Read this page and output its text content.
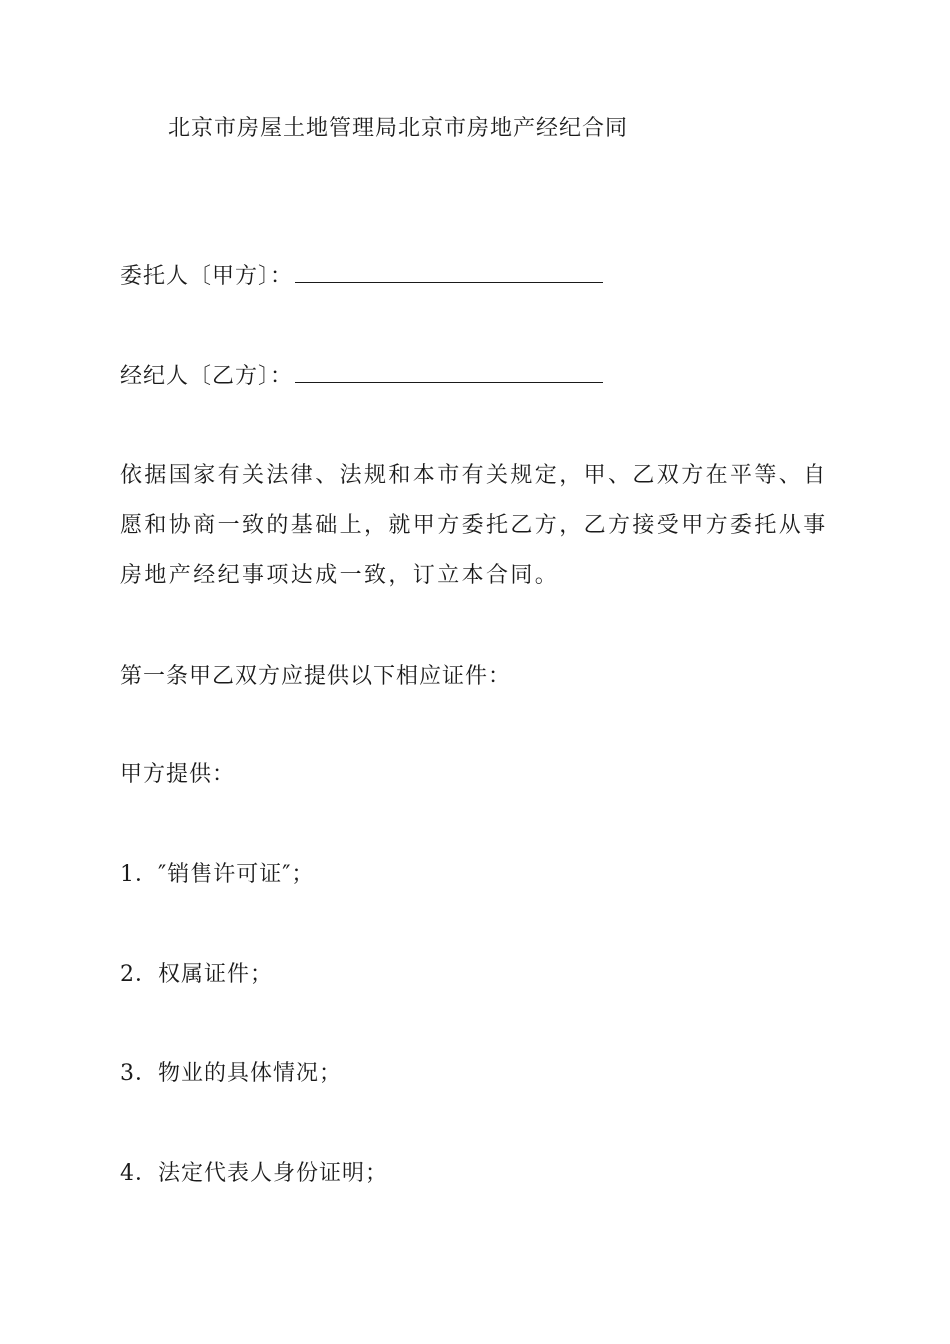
北京市房屋土地管理局北京市房地产经纪合同
委托人〔甲方〕：
经纪人〔乙方〕：
依据国家有关法律、法规和本市有关规定，甲、乙双方在平等、自愿和协商一致的基础上，就甲方委托乙方，乙方接受甲方委托从事房地产经纪事项达成一致，订立本合同。
第一条甲乙双方应提供以下相应证件：
甲方提供：
1．″销售许可证″；
2．权属证件；
3．物业的具体情况；
4．法定代表人身份证明；
